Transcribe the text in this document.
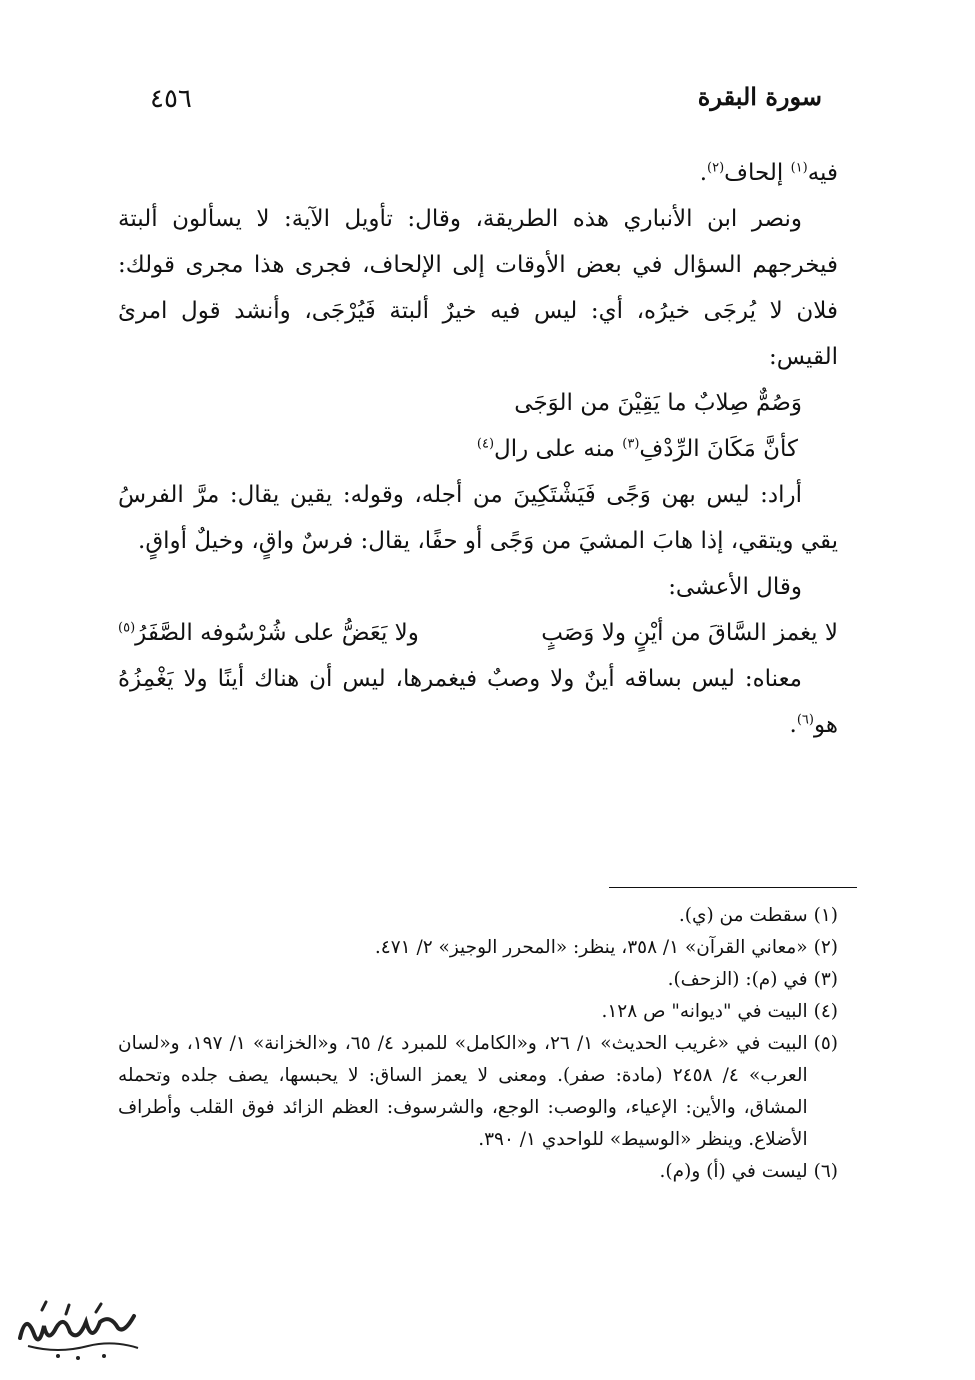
٤٥٦	سورة البقرة

فيه$^{(١)}$ إلحاف$^{(٢)}$.

ونصر ابن الأنباري هذه الطريقة، وقال: تأويل الآية: لا يسألون ألبتة فيخرجهم السؤال في بعض الأوقات إلى الإلحاف، فجرى هذا مجرى قولك: فلان لا يُرجَى خيرُه، أي: ليس فيه خيرٌ ألبتة فَيُرْجَى، وأنشد قول امرئ القيس:

وَصُمٌّ صِلابٌ ما يَقِيْنَ من الوَجَى
كأنَّ مَكَانَ الرِّدْفِ$^{(٣)}$ منه على رال$^{(٤)}$

أراد: ليس بهن وَجًى فَيَشْتَكِينَ من أجله، وقوله: يقين يقال: مرَّ الفرسُ يقي ويتقي، إذا هابَ المشيَ من وَجًى أو حفًا، يقال: فرسٌ واقٍ، وخيلٌ أواقٍ.

وقال الأعشى:

لا يغمز السَّاقَ من أيْنٍ ولا وَصَبٍ
ولا يَعَضُّ على شُرْسُوفه الصَّفَرُ$^{(٥)}$

معناه: ليس بساقه أينٌ ولا وصبٌ فيغمرها، ليس أن هناك أينًا ولا يَغْمِزُهُ هو$^{(٦)}$.

(١)
سقطت من (ي).
(٢)
«معاني القرآن» ١/ ٣٥٨، ينظر: «المحرر الوجيز» ٢/ ٤٧١.
(٣)
في (م): (الزحف).
(٤)
البيت في "ديوانه" ص ١٢٨.
(٥)
البيت في «غريب الحديث» ١/ ٢٦، و«الكامل» للمبرد ٤/ ٦٥، و«الخزانة» ١/ ١٩٧، و«لسان العرب» ٤/ ٢٤٥٨ (مادة: صفر). ومعنى لا يعمز الساق: لا يحبسها، يصف جلده وتحمله المشاق، والأين: الإعياء، والوصب: الوجع، والشرسوف: العظم الزائد فوق القلب وأطراف الأضلاع. وينظر «الوسيط» للواحدي ١/ ٣٩٠.
(٦)
ليست في (أ) و(م).
